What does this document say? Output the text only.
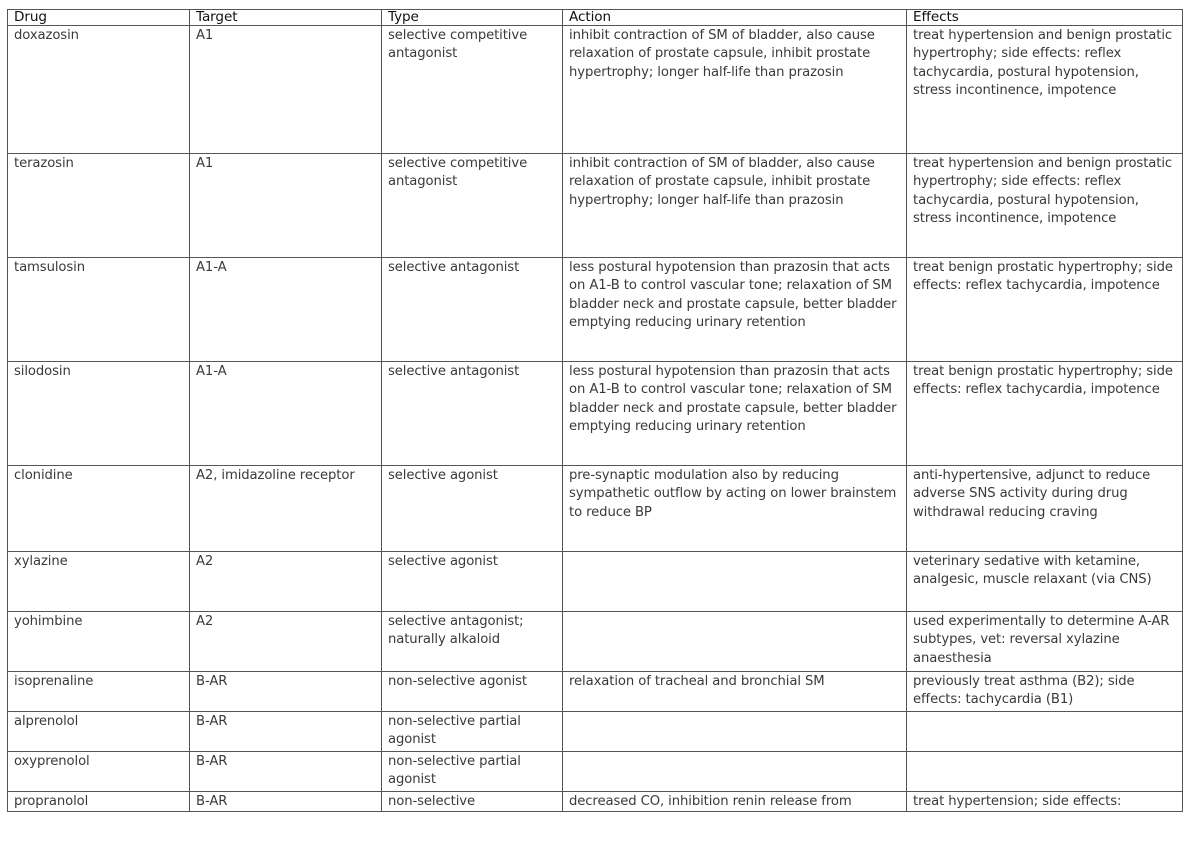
Drug	Target	Type	Action	Effects
doxazosin	A1	selective competitive antagonist	inhibit contraction of SM of bladder, also cause relaxation of prostate capsule, inhibit prostate hypertrophy; longer half-life than prazosin	treat hypertension and benign prostatic hypertrophy; side effects: reflex tachycardia, postural hypotension, stress incontinence, impotence
terazosin	A1	selective competitive antagonist	inhibit contraction of SM of bladder, also cause relaxation of prostate capsule, inhibit prostate hypertrophy; longer half-life than prazosin	treat hypertension and benign prostatic hypertrophy; side effects: reflex tachycardia, postural hypotension, stress incontinence, impotence
tamsulosin	A1-A	selective antagonist	less postural hypotension than prazosin that acts on A1-B to control vascular tone; relaxation of SM bladder neck and prostate capsule, better bladder emptying reducing urinary retention	treat benign prostatic hypertrophy; side effects: reflex tachycardia, impotence
silodosin	A1-A	selective antagonist	less postural hypotension than prazosin that acts on A1-B to control vascular tone; relaxation of SM bladder neck and prostate capsule, better bladder emptying reducing urinary retention	treat benign prostatic hypertrophy; side effects: reflex tachycardia, impotence
clonidine	A2, imidazoline receptor	selective agonist	pre-synaptic modulation also by reducing sympathetic outflow by acting on lower brainstem to reduce BP	anti-hypertensive, adjunct to reduce adverse SNS activity during drug withdrawal reducing craving
xylazine	A2	selective agonist		veterinary sedative with ketamine, analgesic, muscle relaxant (via CNS)
yohimbine	A2	selective antagonist; naturally alkaloid		used experimentally to determine A-AR subtypes, vet: reversal xylazine anaesthesia
isoprenaline	B-AR	non-selective agonist	relaxation of tracheal and bronchial SM	previously treat asthma (B2); side effects: tachycardia (B1)
alprenolol	B-AR	non-selective partial agonist		
oxyprenolol	B-AR	non-selective partial agonist		
propranolol	B-AR	non-selective	decreased CO, inhibition renin release from	treat hypertension; side effects:
